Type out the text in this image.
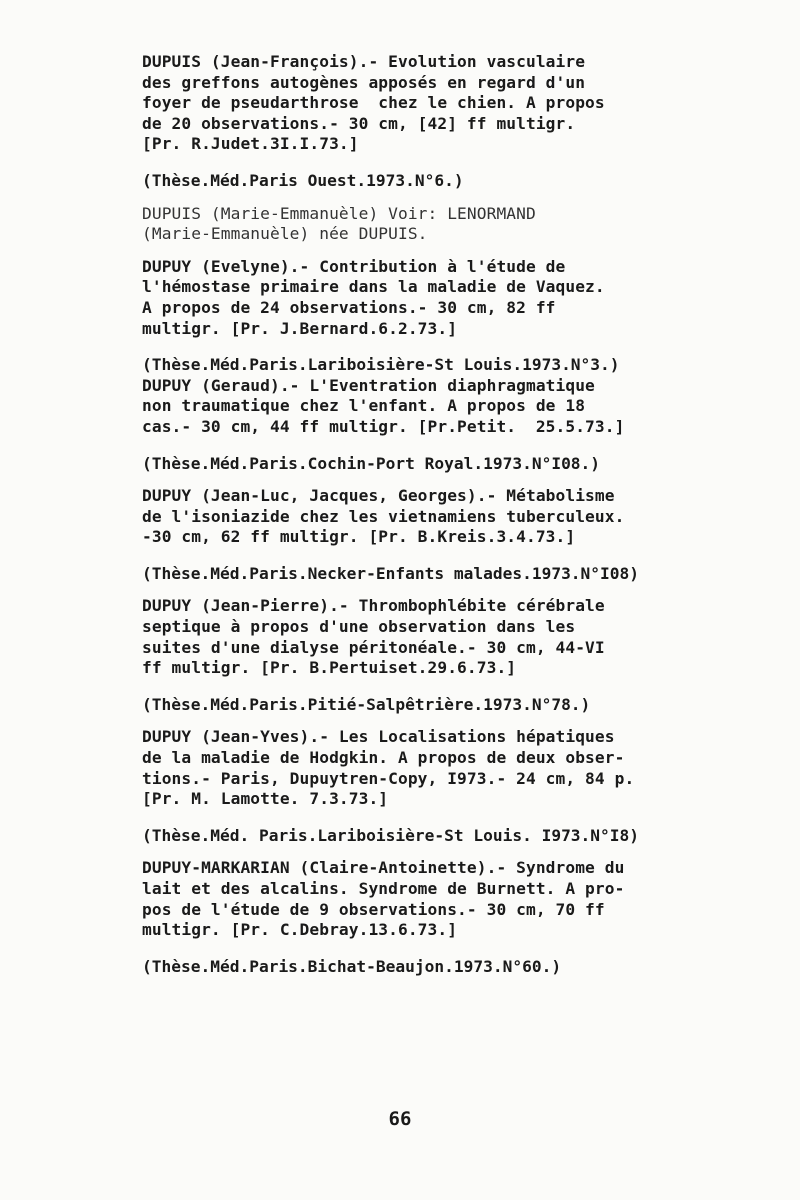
DUPUIS (Jean-François).- Evolution vasculaire
des greffons autogènes apposés en regard d'un
foyer de pseudarthrose  chez le chien. A propos
de 20 observations.- 30 cm, [42] ff multigr.
[Pr. R.Judet.3I.I.73.]
(Thèse.Méd.Paris Ouest.1973.N°6.)
DUPUIS (Marie-Emmanuèle) Voir: LENORMAND
(Marie-Emmanuèle) née DUPUIS.
DUPUY (Evelyne).- Contribution à l'étude de
l'hémostase primaire dans la maladie de Vaquez.
A propos de 24 observations.- 30 cm, 82 ff
multigr. [Pr. J.Bernard.6.2.73.]
(Thèse.Méd.Paris.Lariboisière-St Louis.1973.N°3.)
DUPUY (Geraud).- L'Eventration diaphragmatique
non traumatique chez l'enfant. A propos de 18
cas.- 30 cm, 44 ff multigr. [Pr.Petit.  25.5.73.]
(Thèse.Méd.Paris.Cochin-Port Royal.1973.N°I08.)
DUPUY (Jean-Luc, Jacques, Georges).- Métabolisme
de l'isoniazide chez les vietnamiens tuberculeux.
-30 cm, 62 ff multigr. [Pr. B.Kreis.3.4.73.]
(Thèse.Méd.Paris.Necker-Enfants malades.1973.N°I08)
DUPUY (Jean-Pierre).- Thrombophlébite cérébrale
septique à propos d'une observation dans les
suites d'une dialyse péritonéale.- 30 cm, 44-VI
ff multigr. [Pr. B.Pertuiset.29.6.73.]
(Thèse.Méd.Paris.Pitié-Salpêtrière.1973.N°78.)
DUPUY (Jean-Yves).- Les Localisations hépatiques
de la maladie de Hodgkin. A propos de deux obser-
tions.- Paris, Dupuytren-Copy, I973.- 24 cm, 84 p.
[Pr. M. Lamotte. 7.3.73.]
(Thèse.Méd. Paris.Lariboisière-St Louis. I973.N°I8)
DUPUY-MARKARIAN (Claire-Antoinette).- Syndrome du
lait et des alcalins. Syndrome de Burnett. A pro-
pos de l'étude de 9 observations.- 30 cm, 70 ff
multigr. [Pr. C.Debray.13.6.73.]
(Thèse.Méd.Paris.Bichat-Beaujon.1973.N°60.)
66
